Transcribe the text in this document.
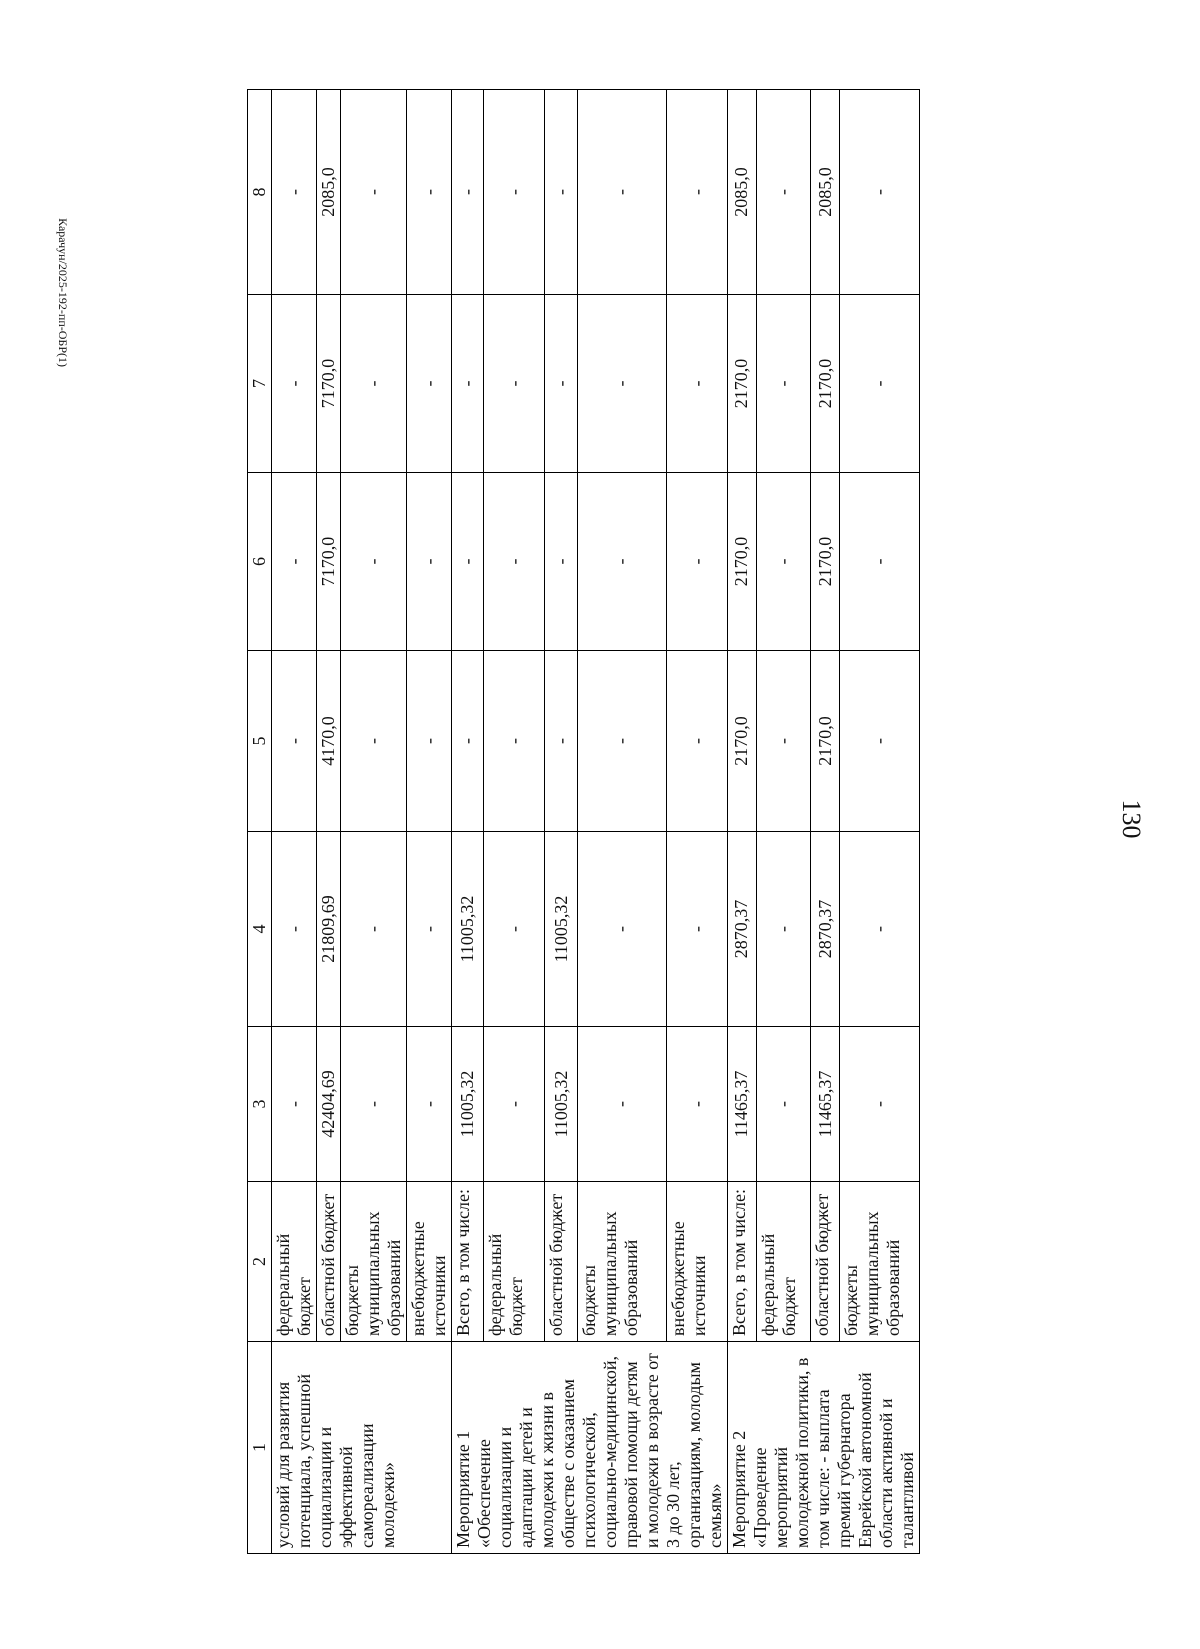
130
Карачун/2025-192-пп-ОБР(1)
1	2	3	4	5	6	7	8
условий для развития потенциала, успешной социализации и эффективной самореализации молодежи»	федеральный бюджет	-	-	-	-	-	-
	областной бюджет	42404,69	21809,69	4170,0	7170,0	7170,0	2085,0
	бюджеты муниципальных образований	-	-	-	-	-	-
	внебюджетные источники	-	-	-	-	-	-
Мероприятие 1 «Обеспечение социализации и адаптации детей и молодежи к жизни в обществе с оказанием психологической, социально-медицинской, правовой помощи детям и молодежи в возрасте от 3 до 30 лет, организациям, молодым семьям»	Всего, в том числе:	11005,32	11005,32	-	-	-	-
	федеральный бюджет	-	-	-	-	-	-
	областной бюджет	11005,32	11005,32	-	-	-	-
	бюджеты муниципальных образований	-	-	-	-	-	-
	внебюджетные источники	-	-	-	-	-	-
Мероприятие 2 «Проведение мероприятий молодежной политики, в том числе: - выплата премий губернатора Еврейской автономной области активной и талантливой	Всего, в том числе:	11465,37	2870,37	2170,0	2170,0	2170,0	2085,0
	федеральный бюджет	-	-	-	-	-	-
	областной бюджет	11465,37	2870,37	2170,0	2170,0	2170,0	2085,0
	бюджеты муниципальных образований	-	-	-	-	-	-
